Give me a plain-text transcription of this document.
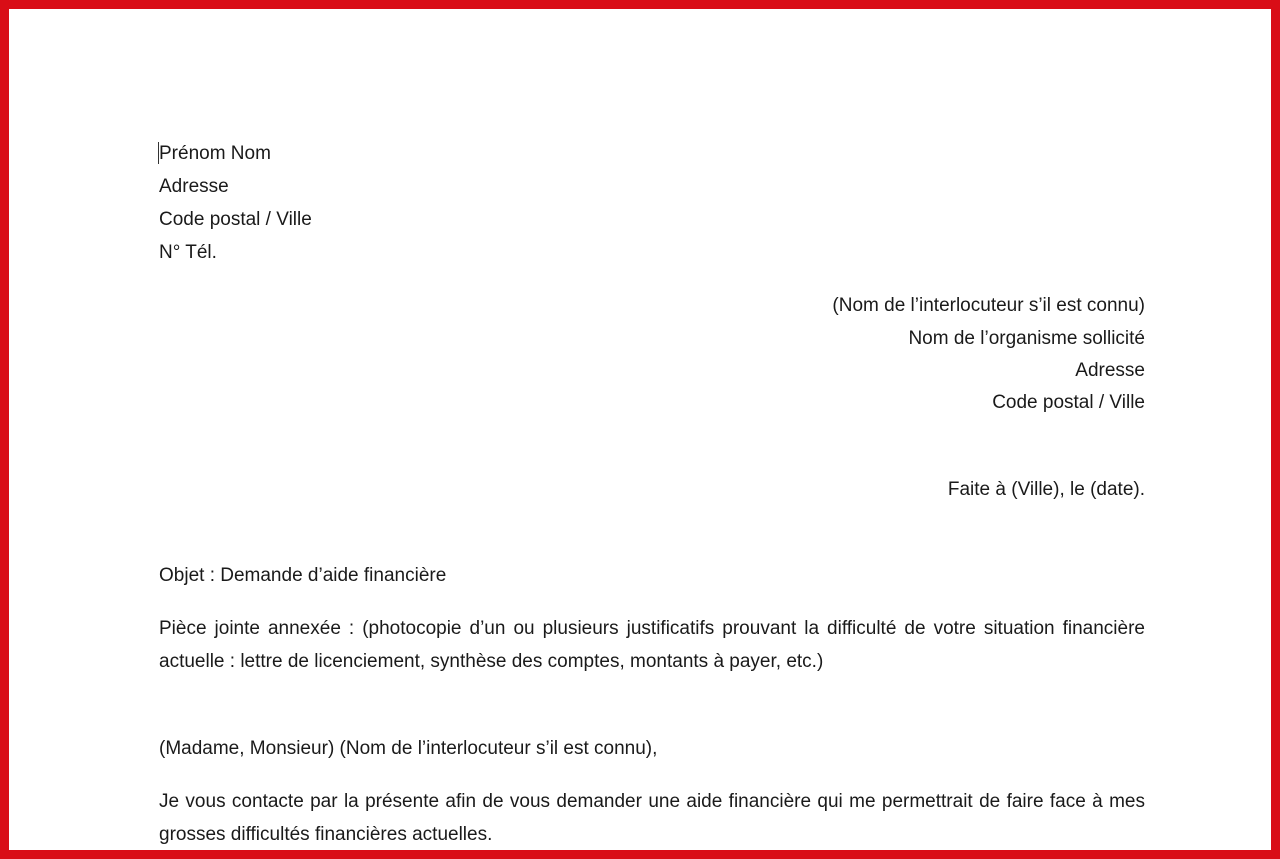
Prénom Nom
Adresse
Code postal / Ville
N° Tél.
(Nom de l’interlocuteur s’il est connu)
Nom de l’organisme sollicité
Adresse
Code postal / Ville
Faite à (Ville), le (date).
Objet : Demande d’aide financière
Pièce jointe annexée : (photocopie d’un ou plusieurs justificatifs prouvant la difficulté de votre situation financière actuelle : lettre de licenciement, synthèse des comptes, montants à payer, etc.)
(Madame, Monsieur) (Nom de l’interlocuteur s’il est connu),
Je vous contacte par la présente afin de vous demander une aide financière qui me permettrait de faire face à mes grosses difficultés financières actuelles.
